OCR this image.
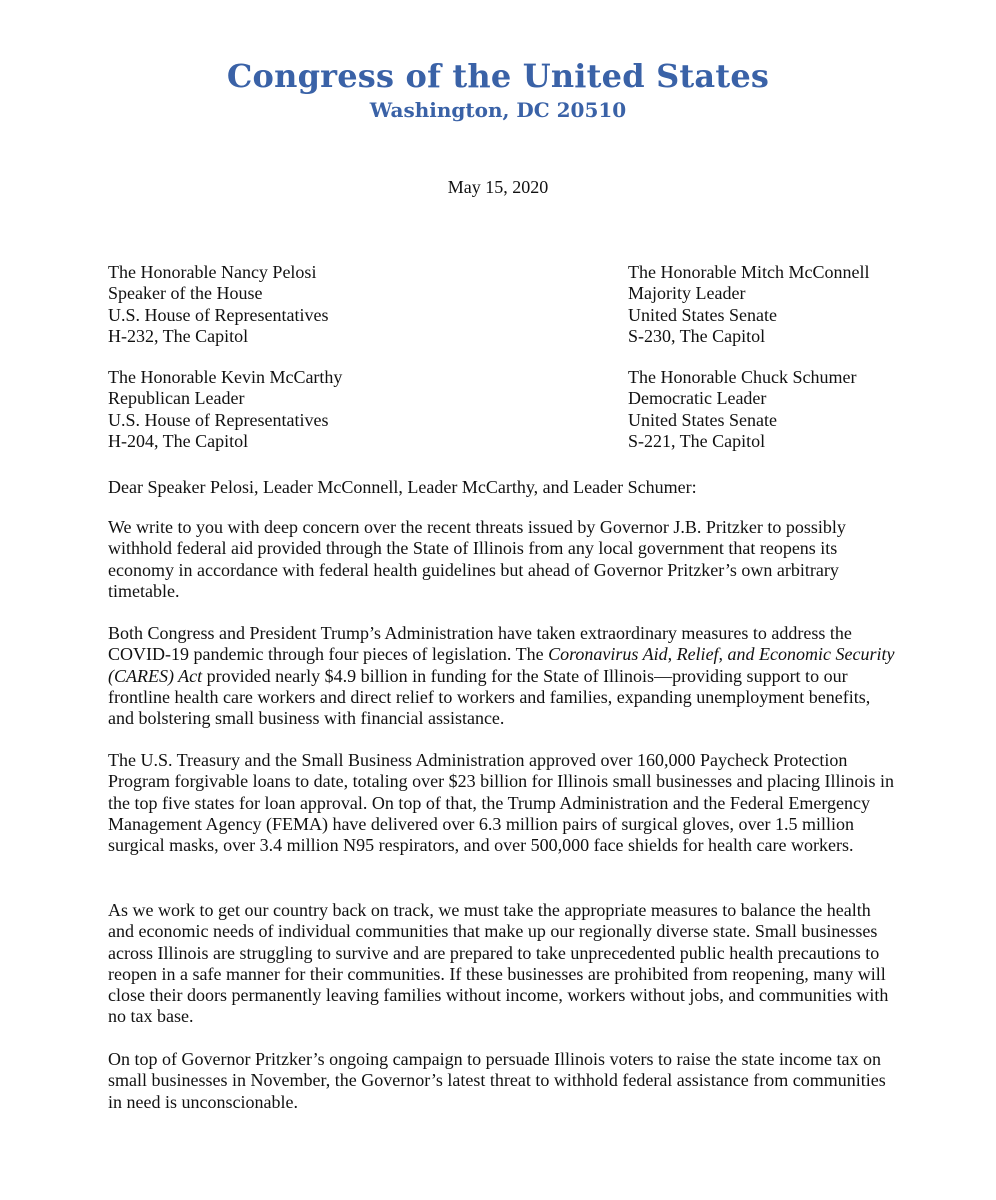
Congress of the United States
Washington, DC 20510
May 15, 2020
The Honorable Nancy Pelosi
Speaker of the House
U.S. House of Representatives
H-232, The Capitol
The Honorable Mitch McConnell
Majority Leader
United States Senate
S-230, The Capitol
The Honorable Kevin McCarthy
Republican Leader
U.S. House of Representatives
H-204, The Capitol
The Honorable Chuck Schumer
Democratic Leader
United States Senate
S-221, The Capitol
Dear Speaker Pelosi, Leader McConnell, Leader McCarthy, and Leader Schumer:

We write to you with deep concern over the recent threats issued by Governor J.B. Pritzker to possibly withhold federal aid provided through the State of Illinois from any local government that reopens its economy in accordance with federal health guidelines but ahead of Governor Pritzker’s own arbitrary timetable.

Both Congress and President Trump’s Administration have taken extraordinary measures to address the COVID-19 pandemic through four pieces of legislation. The Coronavirus Aid, Relief, and Economic Security (CARES) Act provided nearly $4.9 billion in funding for the State of Illinois—providing support to our frontline health care workers and direct relief to workers and families, expanding unemployment benefits, and bolstering small business with financial assistance.

The U.S. Treasury and the Small Business Administration approved over 160,000 Paycheck Protection Program forgivable loans to date, totaling over $23 billion for Illinois small businesses and placing Illinois in the top five states for loan approval. On top of that, the Trump Administration and the Federal Emergency Management Agency (FEMA) have delivered over 6.3 million pairs of surgical gloves, over 1.5 million surgical masks, over 3.4 million N95 respirators, and over 500,000 face shields for health care workers.

As we work to get our country back on track, we must take the appropriate measures to balance the health and economic needs of individual communities that make up our regionally diverse state. Small businesses across Illinois are struggling to survive and are prepared to take unprecedented public health precautions to reopen in a safe manner for their communities. If these businesses are prohibited from reopening, many will close their doors permanently leaving families without income, workers without jobs, and communities with no tax base.

On top of Governor Pritzker’s ongoing campaign to persuade Illinois voters to raise the state income tax on small businesses in November, the Governor’s latest threat to withhold federal assistance from communities in need is unconscionable.
